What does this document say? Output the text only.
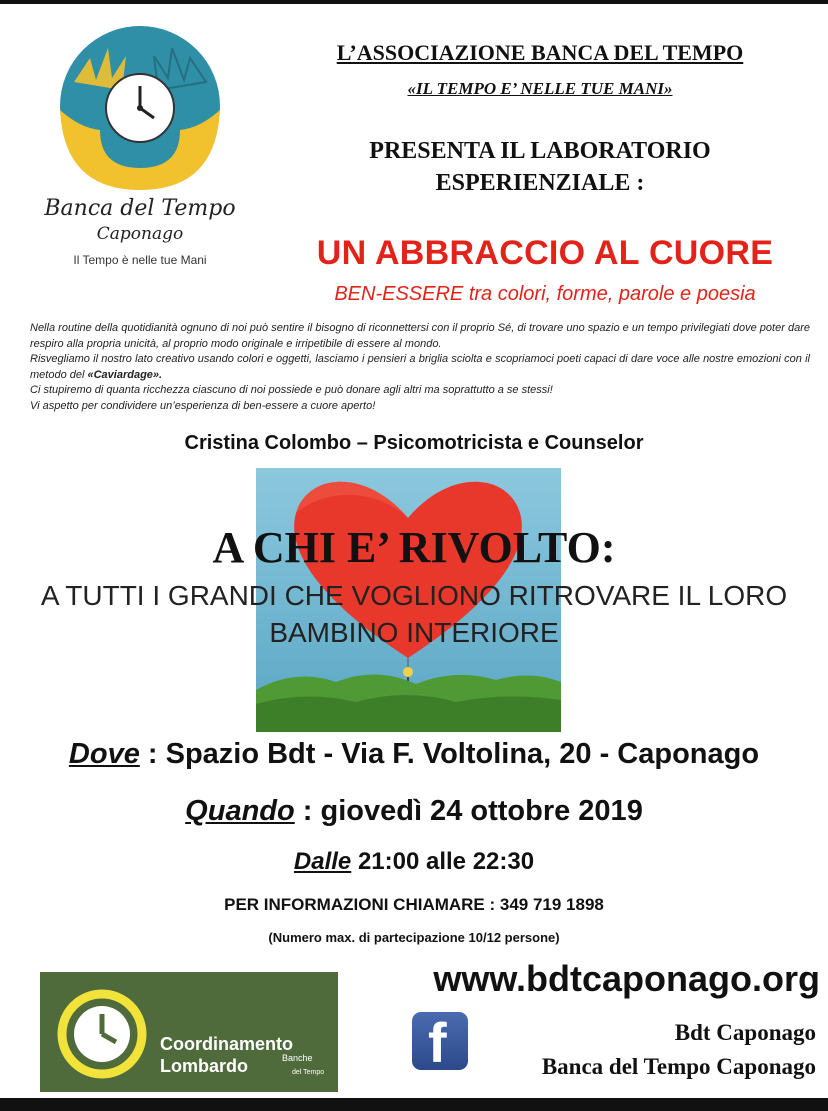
Banca del Tempo
Caponago
Il Tempo è nelle tue Mani
L’ASSOCIAZIONE BANCA DEL TEMPO
«IL TEMPO E’ NELLE TUE MANI»
PRESENTA IL LABORATORIO
ESPERIENZIALE :
UN ABBRACCIO AL CUORE
BEN-ESSERE tra colori, forme, parole e poesia

Nella routine della quotidianità ognuno di noi può sentire il bisogno di riconnettersi con il proprio Sé, di trovare uno spazio e un tempo privilegiati dove poter dare respiro alla propria unicità, al proprio modo originale e irripetibile di essere al mondo.

Risvegliamo il nostro lato creativo usando colori e oggetti, lasciamo i pensieri a briglia sciolta e scopriamoci poeti capaci di dare voce alle nostre emozioni con il metodo del «Caviardage».

Ci stupiremo di quanta ricchezza ciascuno di noi possiede e può donare agli altri ma soprattutto a se stessi!

Vi aspetto per condividere un’esperienza di ben-essere a cuore aperto!

Cristina Colombo – Psicomotricista e Counselor
A CHI E’ RIVOLTO:
A TUTTI I GRANDI CHE VOGLIONO RITROVARE IL LORO
BAMBINO INTERIORE
Dove : Spazio Bdt - Via F. Voltolina, 20 - Caponago
Quando : giovedì 24 ottobre 2019
Dalle 21:00 alle 22:30
PER INFORMAZIONI CHIAMARE : 349 719 1898
(Numero max. di partecipazione 10/12 persone)
Coordinamento
Lombardo	Banche
del Tempo
www.bdtcaponago.org
f	Bdt Caponago
Banca del Tempo Caponago
